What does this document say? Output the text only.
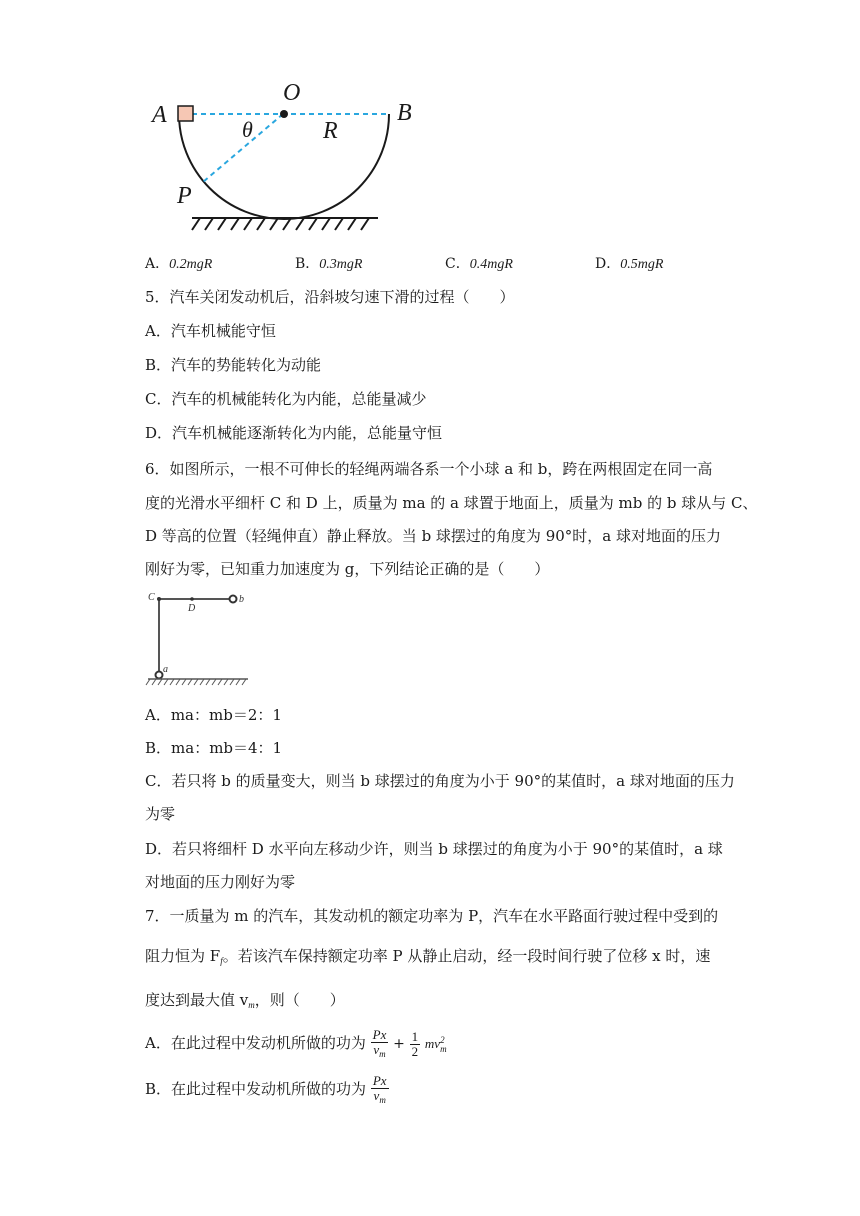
A
O
B
θ	R
P
A．0.2mgR	B．0.3mgR	C．0.4mgR	D．0.5mgR
5．汽车关闭发动机后，沿斜坡匀速下滑的过程（　　）
A．汽车机械能守恒
B．汽车的势能转化为动能
C．汽车的机械能转化为内能，总能量减少
D．汽车机械能逐渐转化为内能，总能量守恒
6．如图所示，一根不可伸长的轻绳两端各系一个小球 a 和 b，跨在两根固定在同一高
度的光滑水平细杆 C 和 D 上，质量为 ma 的 a 球置于地面上，质量为 mb 的 b 球从与 C、
D 等高的位置（轻绳伸直）静止释放。当 b 球摆过的角度为 90°时，a 球对地面的压力
刚好为零，已知重力加速度为 g，下列结论正确的是（　　）
C
D
b
a
A．ma：mb＝2：1
B．ma：mb＝4：1
C．若只将 b 的质量变大，则当 b 球摆过的角度为小于 90°的某值时，a 球对地面的压力
为零
D．若只将细杆 D 水平向左移动少许，则当 b 球摆过的角度为小于 90°的某值时，a 球
对地面的压力刚好为零
7．一质量为 m 的汽车，其发动机的额定功率为 P，汽车在水平路面行驶过程中受到的
阻力恒为 $F_f$。若该汽车保持额定功率 P 从静止启动，经一段时间行驶了位移 x 时，速
度达到最大值 $v_m$，则（　　）
A．在此过程中发动机所做的功为 $\frac{Px}{v_m} + \frac{1}{2}$ mv 2
m
B．在此过程中发动机所做的功为 $\frac{Px}{v_m}$
